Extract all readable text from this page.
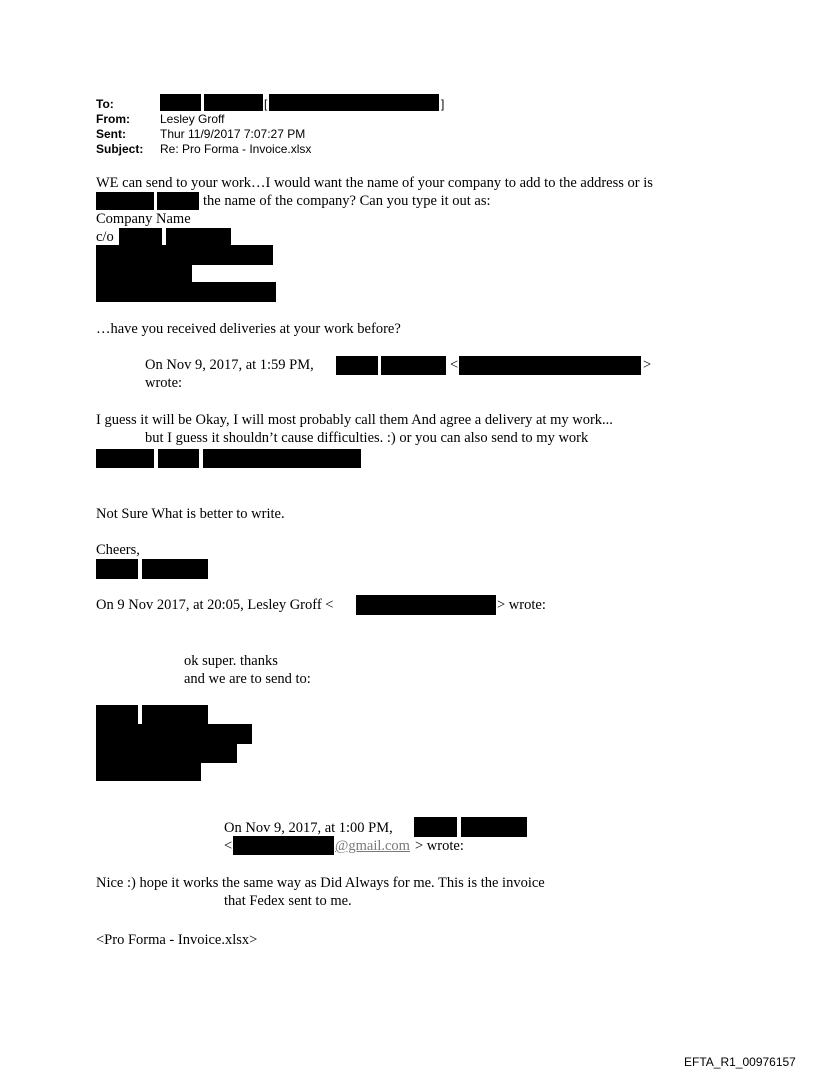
To:	[	]
From:	Lesley Groff
Sent:	Thur 11/9/2017 7:07:27 PM
Subject: Re: Pro Forma - Invoice.xlsx
WE can send to your work…I would want the name of your company to add to the address or is
the name of the company? Can you type it out as:
Company Name
c/o
…have you received deliveries at your work before?
On Nov 9, 2017, at 1:59 PM,	<	>
wrote:
I guess it will be Okay, I will most probably call them And agree a delivery at my work...
but I guess it shouldn’t cause difficulties. :) or you can also send to my work
Not Sure What is better to write.
Cheers,
On 9 Nov 2017, at 20:05, Lesley Groff <	> wrote:
ok super. thanks
and we are to send to:
On Nov 9, 2017, at 1:00 PM,
<	@gmail.com > wrote:
Nice :) hope it works the same way as Did Always for me. This is the invoice
that Fedex sent to me.
<Pro Forma - Invoice.xlsx>
EFTA_R1_00976157
